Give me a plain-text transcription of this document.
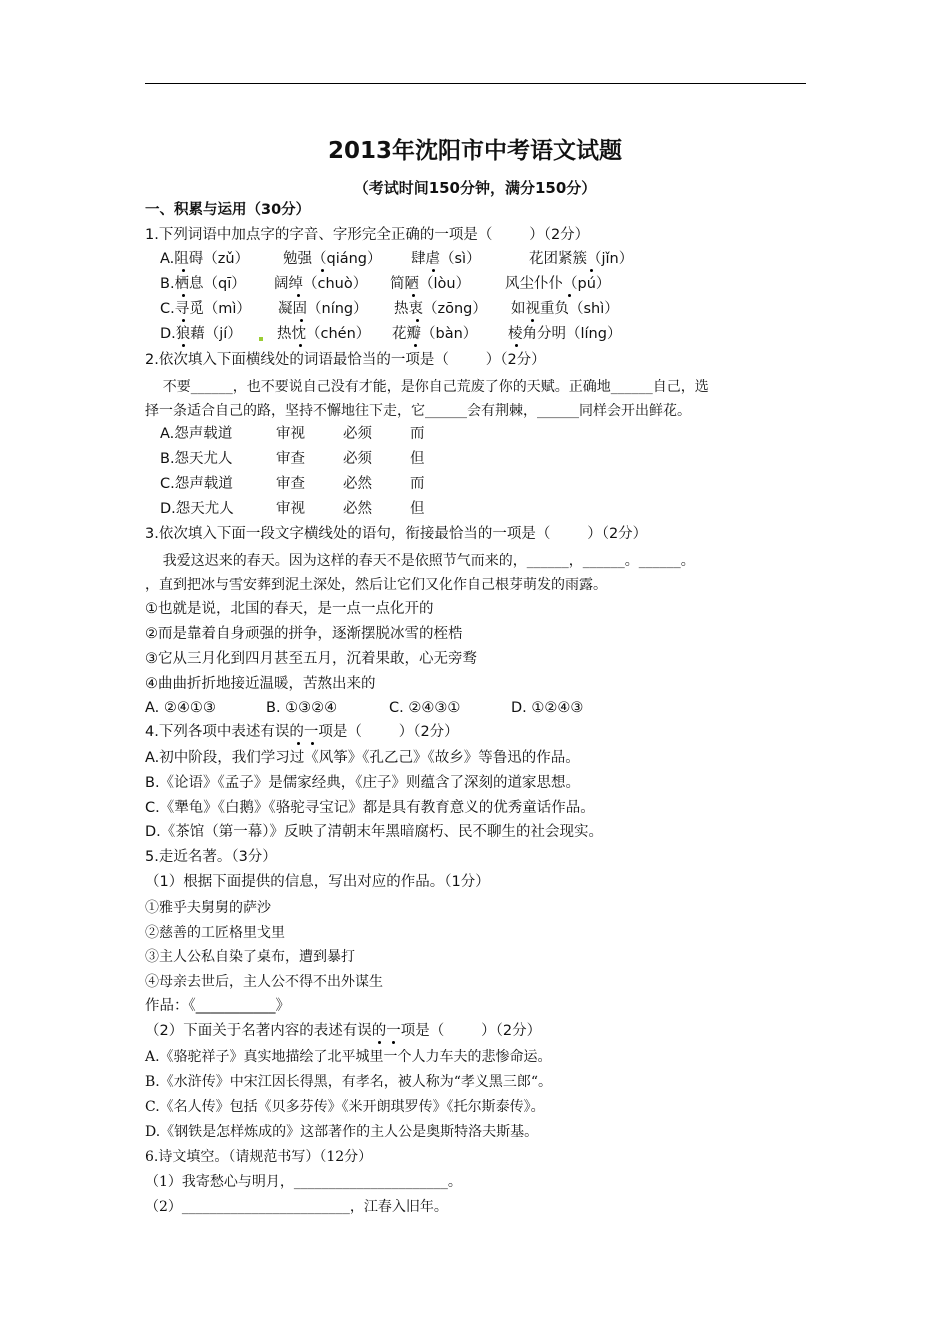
2013年沈阳市中考语文试题
（考试时间150分钟，满分150分）
一、积累与运用（30分）
1.下列词语中加点字的字音、字形完全正确的一项是（        ）（2分）
A.阻碍（zǔ） 勉强（qiáng） 肆虐（sì）	花团紧簇（jǐn）
B.栖息（qī） 阔绰（chuò） 简陋（lòu） 风尘仆仆（pú）
C.寻觅（mì） 凝固（níng） 热衷（zōng） 如视重负（shì）
D.狼藉（jí） 热忱（chén） 花瓣（bàn） 棱角分明（líng）
2.依次填入下面横线处的词语最恰当的一项是（        ）（2分）
不要______，也不要说自己没有才能，是你自己荒废了你的天赋。正确地______自己，选
择一条适合自己的路，坚持不懈地往下走，它______会有荆棘，______同样会开出鲜花。
A.怨声载道	审视	必须	而
B.怨天尤人	审查	必须	但
C.怨声载道	审查	必然	而
D.怨天尤人	审视	必然	但
3.依次填入下面一段文字横线处的语句，衔接最恰当的一项是（        ）（2分）
我爱这迟来的春天。因为这样的春天不是依照节气而来的，______，______。______。
，直到把冰与雪安葬到泥土深处，然后让它们又化作自己根芽萌发的雨露。
①也就是说，北国的春天，是一点一点化开的
②而是靠着自身顽强的拼争，逐渐摆脱冰雪的桎梏
③它从三月化到四月甚至五月，沉着果敢，心无旁骛
④曲曲折折地接近温暖，苦熬出来的
A. ②④①③	B. ①③②④	C. ②④③①	D. ①②④③
4.下列各项中表述有误的一项是（        ）（2分）
A.初中阶段，我们学习过《风筝》《孔乙己》《故乡》等鲁迅的作品。
B.《论语》《孟子》是儒家经典，《庄子》则蕴含了深刻的道家思想。
C.《犟龟》《白鹅》《骆驼寻宝记》都是具有教育意义的优秀童话作品。
D.《茶馆（第一幕）》反映了清朝末年黑暗腐朽、民不聊生的社会现实。
5.走近名著。（3分）
（1）根据下面提供的信息，写出对应的作品。（1分）
①雅乎夫舅舅的萨沙
②慈善的工匠格里戈里
③主人公私自染了桌布，遭到暴打
④母亲去世后，主人公不得不出外谋生
作品：《___________》
（2）下面关于名著内容的表述有误的一项是（        ）（2分）
A.《骆驼祥子》真实地描绘了北平城里一个人力车夫的悲惨命运。
B.《水浒传》中宋江因长得黑，有孝名，被人称为“孝义黑三郎“。
C.《名人传》包括《贝多芬传》《米开朗琪罗传》《托尔斯泰传》。
D.《钢铁是怎样炼成的》这部著作的主人公是奥斯特洛夫斯基。
6.诗文填空。（请规范书写）（12分）
（1）我寄愁心与明月，______________________。
（2）________________________，江春入旧年。
